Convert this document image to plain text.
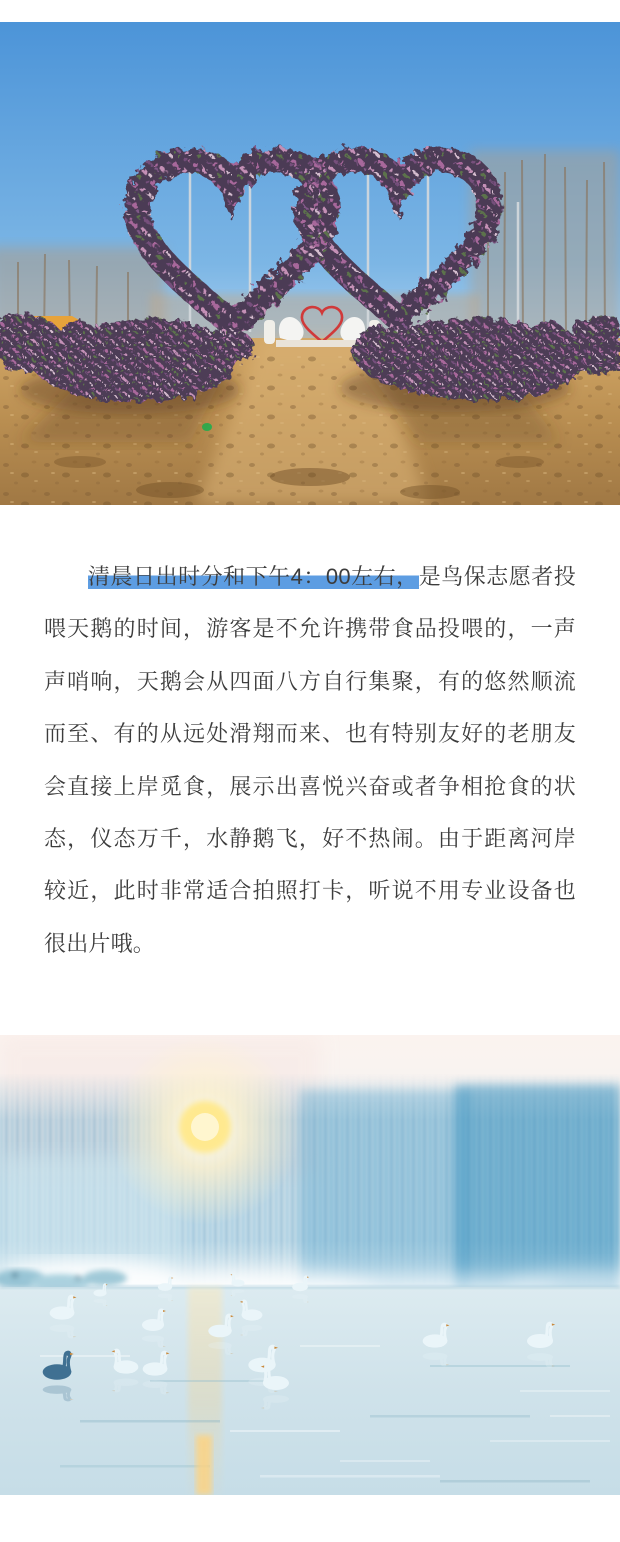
清晨日出时分和下午4：00左右，是鸟保志愿者投喂天鹅的时间，游客是不允许携带食品投喂的，一声声哨响，天鹅会从四面八方自行集聚，有的悠然顺流而至、有的从远处滑翔而来、也有特别友好的老朋友会直接上岸觅食，展示出喜悦兴奋或者争相抢食的状态，仪态万千，水静鹅飞，好不热闹。由于距离河岸较近，此时非常适合拍照打卡，听说不用专业设备也很出片哦。
